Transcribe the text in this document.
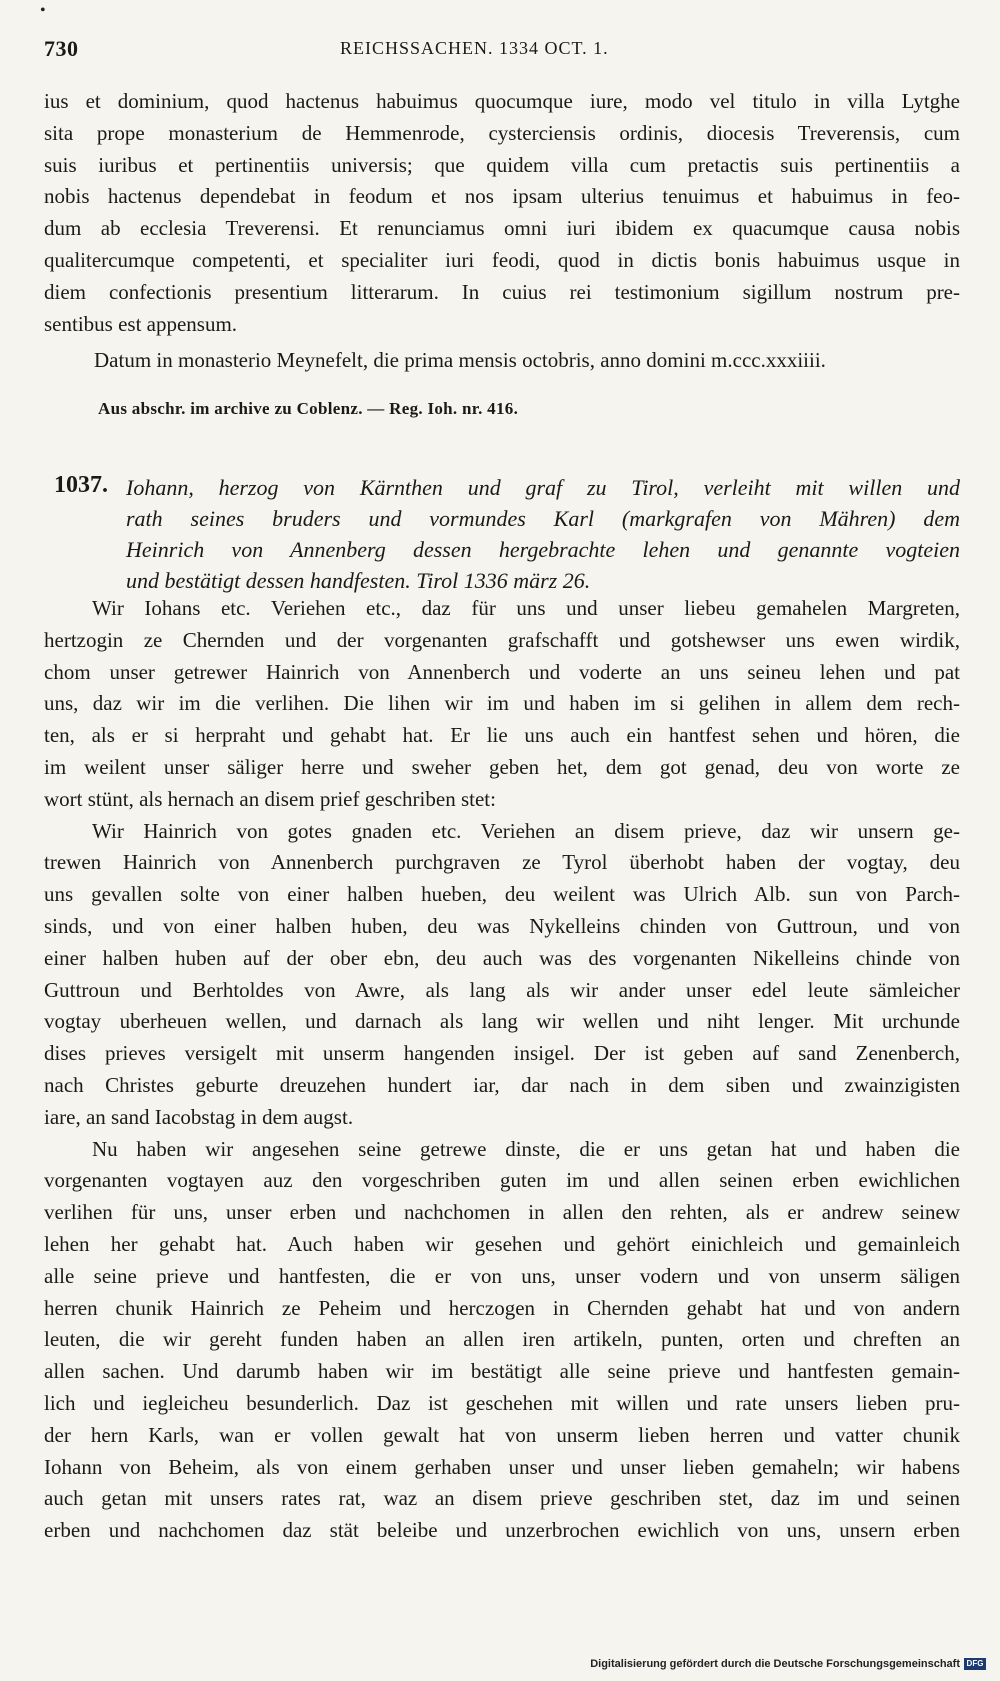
•
730	REICHSSACHEN. 1334 OCT. 1.
ius et dominium, quod hactenus habuimus quocumque iure, modo vel titulo in villa Lytghe
sita prope monasterium de Hemmenrode, cysterciensis ordinis, diocesis Treverensis, cum
suis iuribus et pertinentiis universis; que quidem villa cum pretactis suis pertinentiis a
nobis hactenus dependebat in feodum et nos ipsam ulterius tenuimus et habuimus in feo-
dum ab ecclesia Treverensi. Et renunciamus omni iuri ibidem ex quacumque causa nobis
qualitercumque competenti, et specialiter iuri feodi, quod in dictis bonis habuimus usque in
diem confectionis presentium litterarum. In cuius rei testimonium sigillum nostrum pre-
sentibus est appensum.
Datum in monasterio Meynefelt, die prima mensis octobris, anno domini m.ccc.xxxiiii.
Aus abschr. im archive zu Coblenz. — Reg. Ioh. nr. 416.
1037. Iohann, herzog von Kärnthen und graf zu Tirol, verleiht mit willen und
rath seines bruders und vormundes Karl (markgrafen von Mähren) dem
Heinrich von Annenberg dessen hergebrachte lehen und genannte vogteien
und bestätigt dessen handfesten. Tirol 1336 märz 26.

Wir Iohans etc. Veriehen etc., daz für uns und unser liebeu gemahelen Margreten,
hertzogin ze Chernden und der vorgenanten grafschafft und gotshewser uns ewen wirdik,
chom unser getrewer Hainrich von Annenberch und voderte an uns seineu lehen und pat
uns, daz wir im die verlihen. Die lihen wir im und haben im si gelihen in allem dem rech-
ten, als er si herpraht und gehabt hat. Er lie uns auch ein hantfest sehen und hören, die
im weilent unser säliger herre und sweher geben het, dem got genad, deu von worte ze
wort stünt, als hernach an disem prief geschriben stet:

Wir Hainrich von gotes gnaden etc. Veriehen an disem prieve, daz wir unsern ge-
trewen Hainrich von Annenberch purchgraven ze Tyrol überhobt haben der vogtay, deu
uns gevallen solte von einer halben hueben, deu weilent was Ulrich Alb. sun von Parch-
sinds, und von einer halben huben, deu was Nykelleins chinden von Guttroun, und von
einer halben huben auf der ober ebn, deu auch was des vorgenanten Nikelleins chinde von
Guttroun und Berhtoldes von Awre, als lang als wir ander unser edel leute sämleicher
vogtay uberheuen wellen, und darnach als lang wir wellen und niht lenger. Mit urchunde
dises prieves versigelt mit unserm hangenden insigel. Der ist geben auf sand Zenenberch,
nach Christes geburte dreuzehen hundert iar, dar nach in dem siben und zwainzigisten
iare, an sand Iacobstag in dem augst.

Nu haben wir angesehen seine getrewe dinste, die er uns getan hat und haben die
vorgenanten vogtayen auz den vorgeschriben guten im und allen seinen erben ewichlichen
verlihen für uns, unser erben und nachchomen in allen den rehten, als er andrew seinew
lehen her gehabt hat. Auch haben wir gesehen und gehört einichleich und gemainleich
alle seine prieve und hantfesten, die er von uns, unser vodern und von unserm säligen
herren chunik Hainrich ze Peheim und herczogen in Chernden gehabt hat und von andern
leuten, die wir gereht funden haben an allen iren artikeln, punten, orten und chreften an
allen sachen. Und darumb haben wir im bestätigt alle seine prieve und hantfesten gemain-
lich und iegleicheu besunderlich. Daz ist geschehen mit willen und rate unsers lieben pru-
der hern Karls, wan er vollen gewalt hat von unserm lieben herren und vatter chunik
Iohann von Beheim, als von einem gerhaben unser und unser lieben gemaheln; wir habens
auch getan mit unsers rates rat, waz an disem prieve geschriben stet, daz im und seinen
erben und nachchomen daz stät beleibe und unzerbrochen ewichlich von uns, unsern erben

Digitalisierung gefördert durch die Deutsche Forschungsgemeinschaft DFG
